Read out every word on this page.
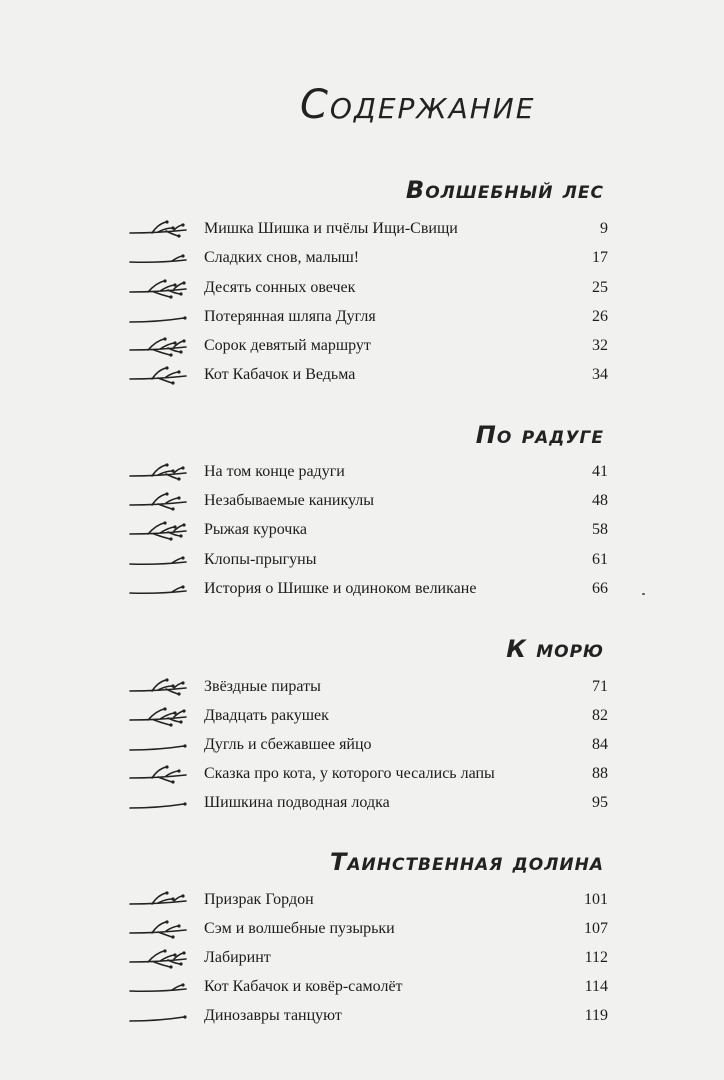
Содержание
Волшебный лес
Мишка Шишка и пчёлы Ищи-Свищи	9
Сладких снов, малыш!	17
Десять сонных овечек	25
Потерянная шляпа Дугля	26
Сорок девятый маршрут	32
Кот Кабачок и Ведьма	34
По радуге
На том конце радуги	41
Незабываемые каникулы	48
Рыжая курочка	58
Клопы-прыгуны	61
История о Шишке и одиноком великане	66
К морю
Звёздные пираты	71
Двадцать ракушек	82
Дугль и сбежавшее яйцо	84
Сказка про кота, у которого чесались лапы	88
Шишкина подводная лодка	95
Таинственная долина
Призрак Гордон	101
Сэм и волшебные пузырьки	107
Лабиринт	112
Кот Кабачок и ковёр-самолёт	114
Динозавры танцуют	119
